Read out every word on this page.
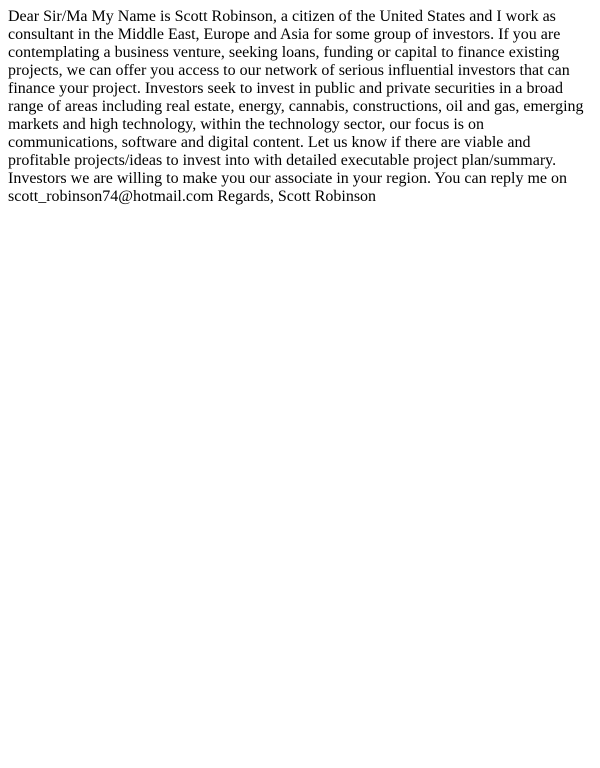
Dear Sir/Ma My Name is Scott Robinson, a citizen of the United States and I work as consultant in the Middle East, Europe and Asia for some group of investors. If you are contemplating a business venture, seeking loans, funding or capital to finance existing projects, we can offer you access to our network of serious influential investors that can finance your project. Investors seek to invest in public and private securities in a broad range of areas including real estate, energy, cannabis, constructions, oil and gas, emerging markets and high technology, within the technology sector, our focus is on communications, software and digital content. Let us know if there are viable and profitable projects/ideas to invest into with detailed executable project plan/summary. Investors we are willing to make you our associate in your region. You can reply me on scott_robinson74@hotmail.com Regards, Scott Robinson
